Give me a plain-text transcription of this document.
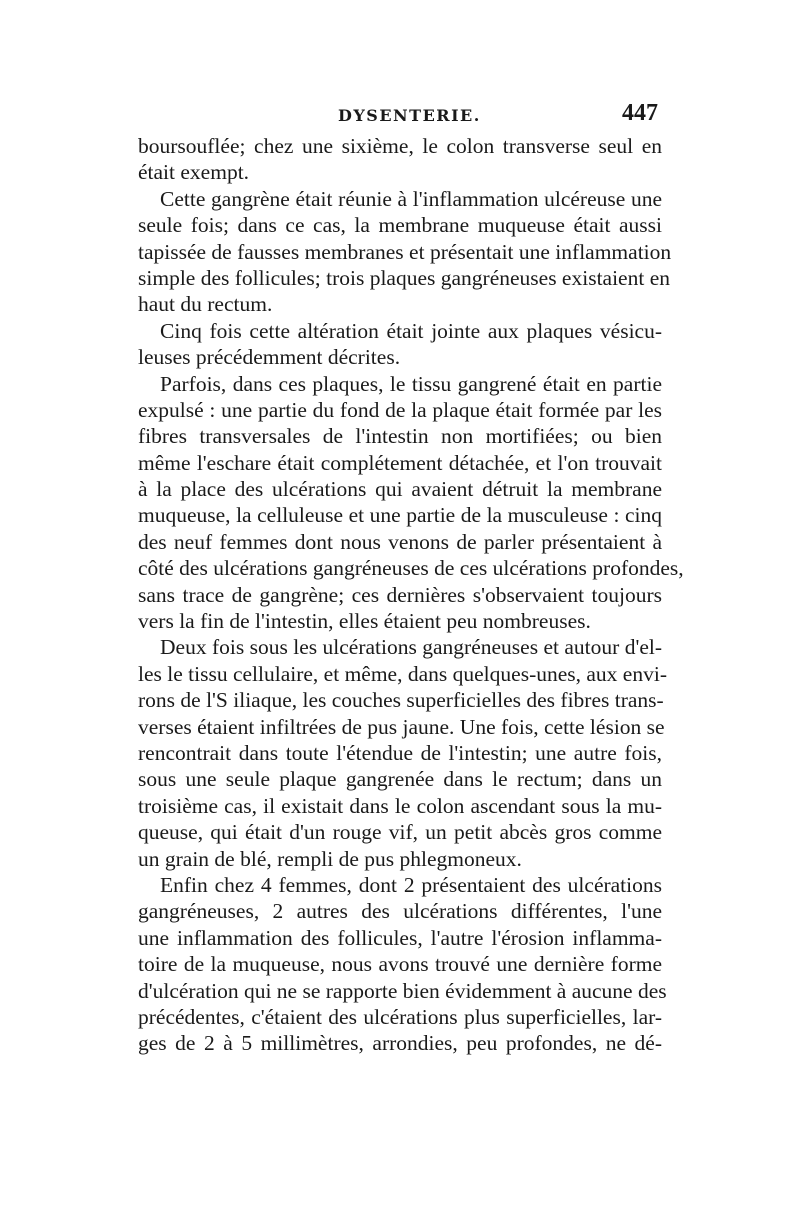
DYSENTERIE.	447
boursouflée; chez une sixième, le colon transverse seul en
était exempt.
Cette gangrène était réunie à l'inflammation ulcéreuse une
seule fois; dans ce cas, la membrane muqueuse était aussi
tapissée de fausses membranes et présentait une inflammation
simple des follicules; trois plaques gangréneuses existaient en
haut du rectum.
Cinq fois cette altération était jointe aux plaques vésicu-
leuses précédemment décrites.
Parfois, dans ces plaques, le tissu gangrené était en partie
expulsé : une partie du fond de la plaque était formée par les
fibres transversales de l'intestin non mortifiées; ou bien
même l'eschare était complétement détachée, et l'on trouvait
à la place des ulcérations qui avaient détruit la membrane
muqueuse, la celluleuse et une partie de la musculeuse : cinq
des neuf femmes dont nous venons de parler présentaient à
côté des ulcérations gangréneuses de ces ulcérations profondes,
sans trace de gangrène; ces dernières s'observaient toujours
vers la fin de l'intestin, elles étaient peu nombreuses.
Deux fois sous les ulcérations gangréneuses et autour d'el-
les le tissu cellulaire, et même, dans quelques-unes, aux envi-
rons de l'S iliaque, les couches superficielles des fibres trans-
verses étaient infiltrées de pus jaune. Une fois, cette lésion se
rencontrait dans toute l'étendue de l'intestin; une autre fois,
sous une seule plaque gangrenée dans le rectum; dans un
troisième cas, il existait dans le colon ascendant sous la mu-
queuse, qui était d'un rouge vif, un petit abcès gros comme
un grain de blé, rempli de pus phlegmoneux.
Enfin chez 4 femmes, dont 2 présentaient des ulcérations
gangréneuses, 2 autres des ulcérations différentes, l'une
une inflammation des follicules, l'autre l'érosion inflamma-
toire de la muqueuse, nous avons trouvé une dernière forme
d'ulcération qui ne se rapporte bien évidemment à aucune des
précédentes, c'étaient des ulcérations plus superficielles, lar-
ges de 2 à 5 millimètres, arrondies, peu profondes, ne dé-
